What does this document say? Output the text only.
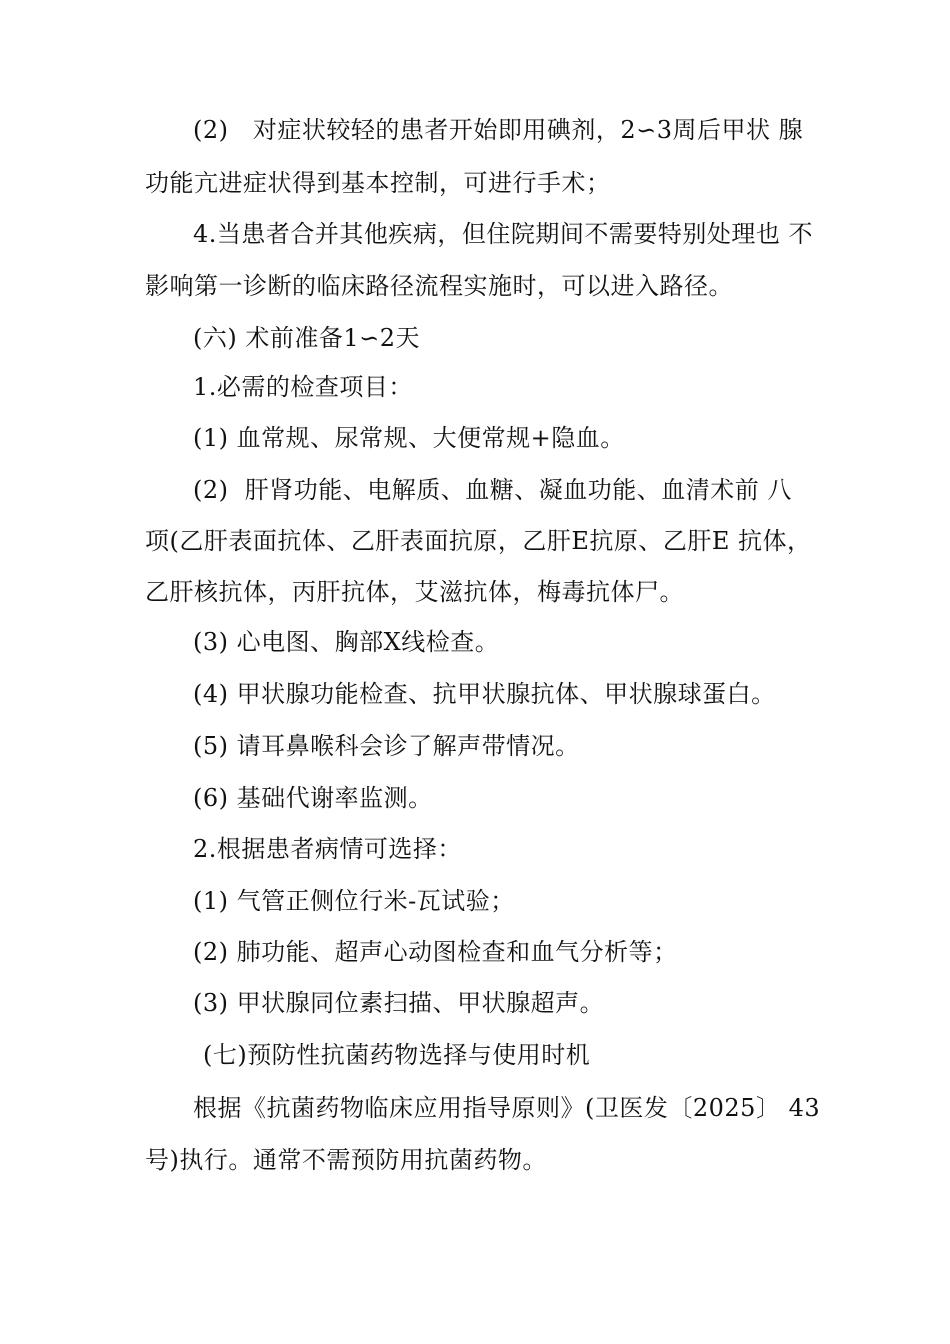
(2)   对症状较轻的患者开始即用碘剂，2∽3周后甲状 腺
功能亢进症状得到基本控制，可进行手术；
4.当患者合并其他疾病，但住院期间不需要特别处理也 不
影响第一诊断的临床路径流程实施时，可以进入路径。
(六) 术前准备1∽2天
1.必需的检查项目：
(1) 血常规、尿常规、大便常规+隐血。
(2)  肝肾功能、电解质、血糖、凝血功能、血清术前 八
项(乙肝表面抗体、乙肝表面抗原，乙肝E抗原、乙肝E 抗体，
乙肝核抗体，丙肝抗体，艾滋抗体，梅毒抗体尸。
(3) 心电图、胸部X线检查。
(4) 甲状腺功能检查、抗甲状腺抗体、甲状腺球蛋白。
(5) 请耳鼻喉科会诊了解声带情况。
(6) 基础代谢率监测。
2.根据患者病情可选择：
(1) 气管正侧位行米-瓦试验；
(2) 肺功能、超声心动图检查和血气分析等；
(3) 甲状腺同位素扫描、甲状腺超声。
(七)预防性抗菌药物选择与使用时机
根据《抗菌药物临床应用指导原则》(卫医发〔2025〕 43
号)执行。通常不需预防用抗菌药物。
